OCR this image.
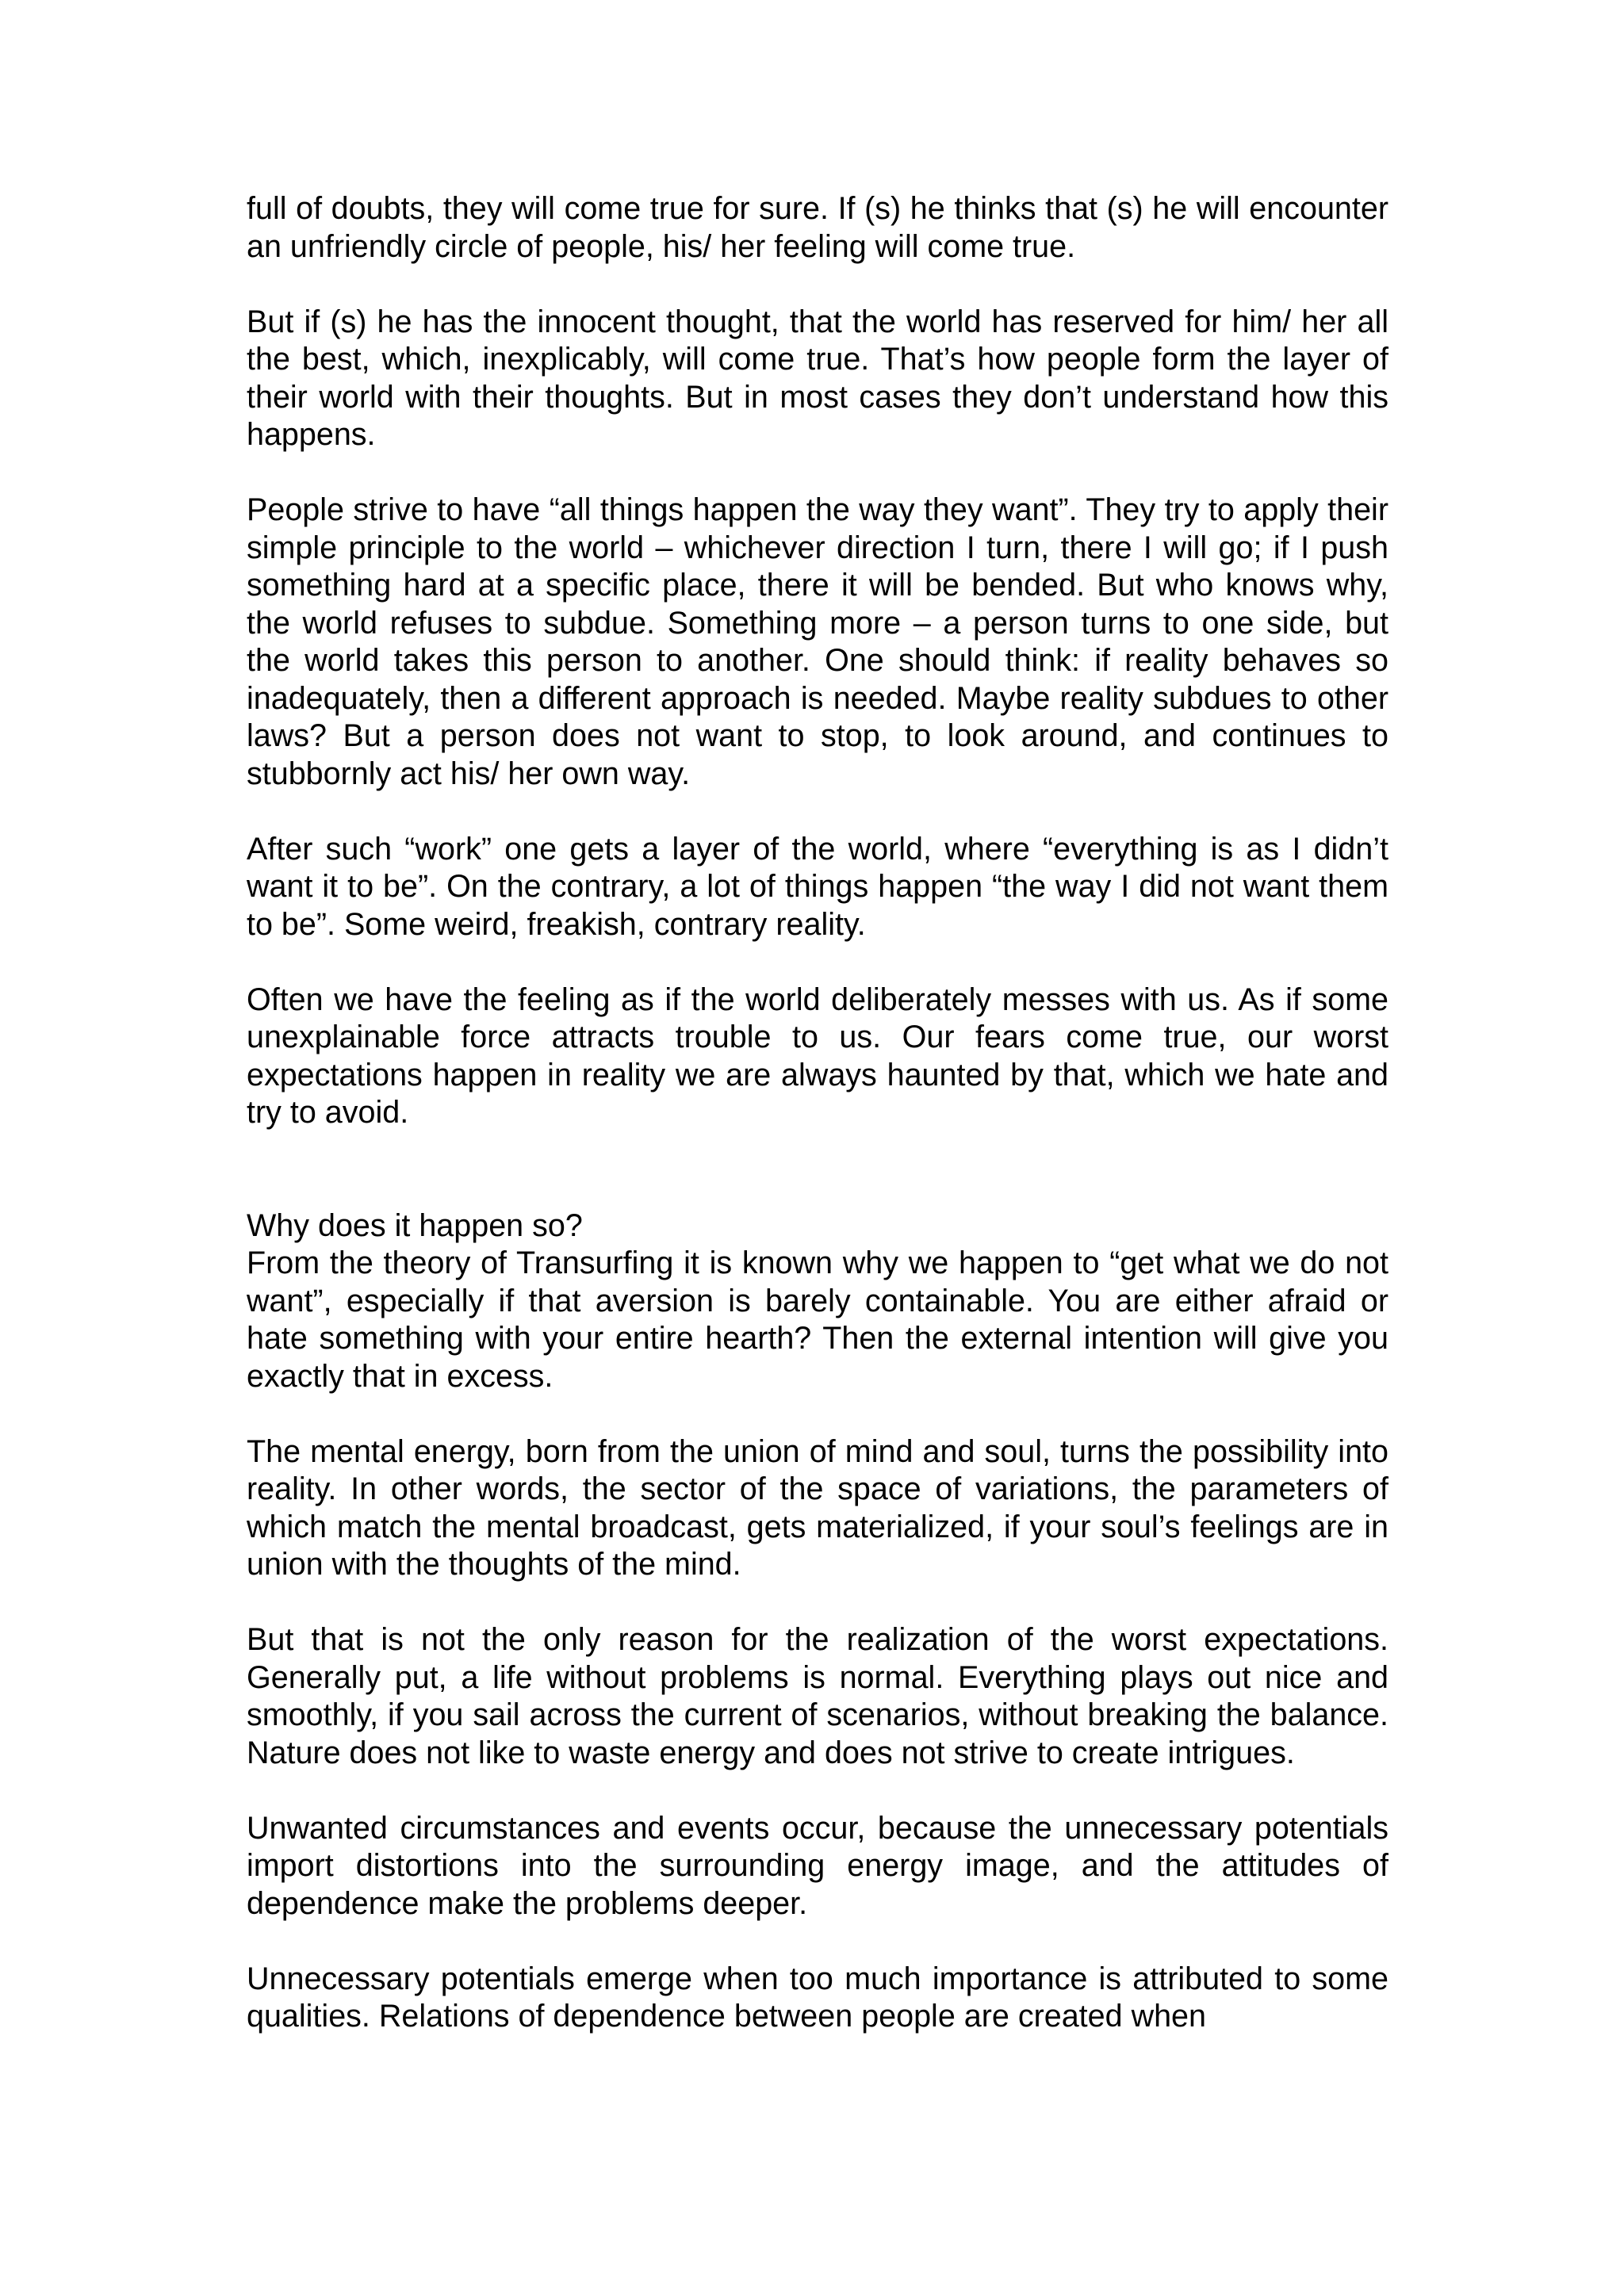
full of doubts, they will come true for sure. If (s) he thinks that (s) he will encounter an unfriendly circle of people, his/ her feeling will come true.

But if (s) he has the innocent thought, that the world has reserved for him/ her all the best, which, inexplicably, will come true. That’s how people form the layer of their world with their thoughts. But in most cases they don’t understand how this happens.

People strive to have “all things happen the way they want”. They try to apply their simple principle to the world – whichever direction I turn, there I will go; if I push something hard at a specific place, there it will be bended. But who knows why, the world refuses to subdue. Something more – a person turns to one side, but the world takes this person to another. One should think: if reality behaves so inadequately, then a different approach is needed. Maybe reality subdues to other laws? But a person does not want to stop, to look around, and continues to stubbornly act his/ her own way.

After such “work” one gets a layer of the world, where “everything is as I didn’t want it to be”. On the contrary, a lot of things happen “the way I did not want them to be”. Some weird, freakish, contrary reality.

Often we have the feeling as if the world deliberately messes with us. As if some unexplainable force attracts trouble to us. Our fears come true, our worst expectations happen in reality we are always haunted by that, which we hate and try to avoid.

Why does it happen so?

From the theory of Transurfing it is known why we happen to “get what we do not want”, especially if that aversion is barely containable. You are either afraid or hate something with your entire hearth? Then the external intention will give you exactly that in excess.

The mental energy, born from the union of mind and soul, turns the possibility into reality. In other words, the sector of the space of variations, the parameters of which match the mental broadcast, gets materialized, if your soul’s feelings are in union with the thoughts of the mind.

But that is not the only reason for the realization of the worst expectations. Generally put, a life without problems is normal. Everything plays out nice and smoothly, if you sail across the current of scenarios, without breaking the balance. Nature does not like to waste energy and does not strive to create intrigues.

Unwanted circumstances and events occur, because the unnecessary potentials import distortions into the surrounding energy image, and the attitudes of dependence make the problems deeper.

Unnecessary potentials emerge when too much importance is attributed to some qualities. Relations of dependence between people are created when
